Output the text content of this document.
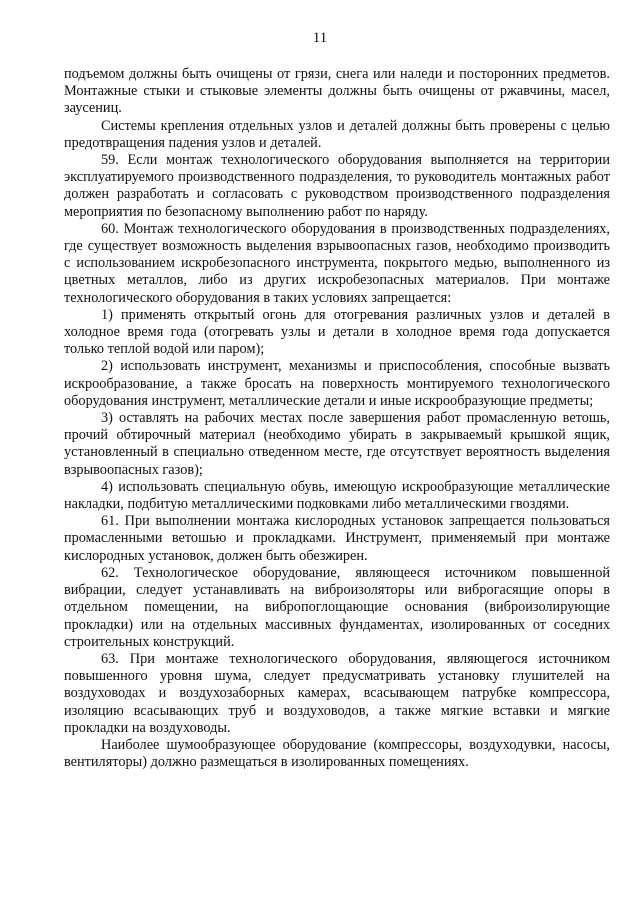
11

подъемом должны быть очищены от грязи, снега или наледи и посторонних предметов. Монтажные стыки и стыковые элементы должны быть очищены от ржавчины, масел, заусениц.

Системы крепления отдельных узлов и деталей должны быть проверены с целью предотвращения падения узлов и деталей.

59. Если монтаж технологического оборудования выполняется на территории эксплуатируемого производственного подразделения, то руководитель монтажных работ должен разработать и согласовать с руководством производственного подразделения мероприятия по безопасному выполнению работ по наряду.

60. Монтаж технологического оборудования в производственных подразделениях, где существует возможность выделения взрывоопасных газов, необходимо производить с использованием искробезопасного инструмента, покрытого медью, выполненного из цветных металлов, либо из других искробезопасных материалов. При монтаже технологического оборудования в таких условиях запрещается:

1) применять открытый огонь для отогревания различных узлов и деталей в холодное время года (отогревать узлы и детали в холодное время года допускается только теплой водой или паром);

2) использовать инструмент, механизмы и приспособления, способные вызвать искрообразование, а также бросать на поверхность монтируемого технологического оборудования инструмент, металлические детали и иные искрообразующие предметы;

3) оставлять на рабочих местах после завершения работ промасленную ветошь, прочий обтирочный материал (необходимо убирать в закрываемый крышкой ящик, установленный в специально отведенном месте, где отсутствует вероятность выделения взрывоопасных газов);

4) использовать специальную обувь, имеющую искрообразующие металлические накладки, подбитую металлическими подковками либо металлическими гвоздями.

61. При выполнении монтажа кислородных установок запрещается пользоваться промасленными ветошью и прокладками. Инструмент, применяемый при монтаже кислородных установок, должен быть обезжирен.

62. Технологическое оборудование, являющееся источником повышенной вибрации, следует устанавливать на виброизоляторы или виброгасящие опоры в отдельном помещении, на вибропоглощающие основания (виброизолирующие прокладки) или на отдельных массивных фундаментах, изолированных от соседних строительных конструкций.

63. При монтаже технологического оборудования, являющегося источником повышенного уровня шума, следует предусматривать установку глушителей на воздуховодах и воздухозаборных камерах, всасывающем патрубке компрессора, изоляцию всасывающих труб и воздуховодов, а также мягкие вставки и мягкие прокладки на воздуховоды.

Наиболее шумообразующее оборудование (компрессоры, воздуходувки, насосы, вентиляторы) должно размещаться в изолированных помещениях.
